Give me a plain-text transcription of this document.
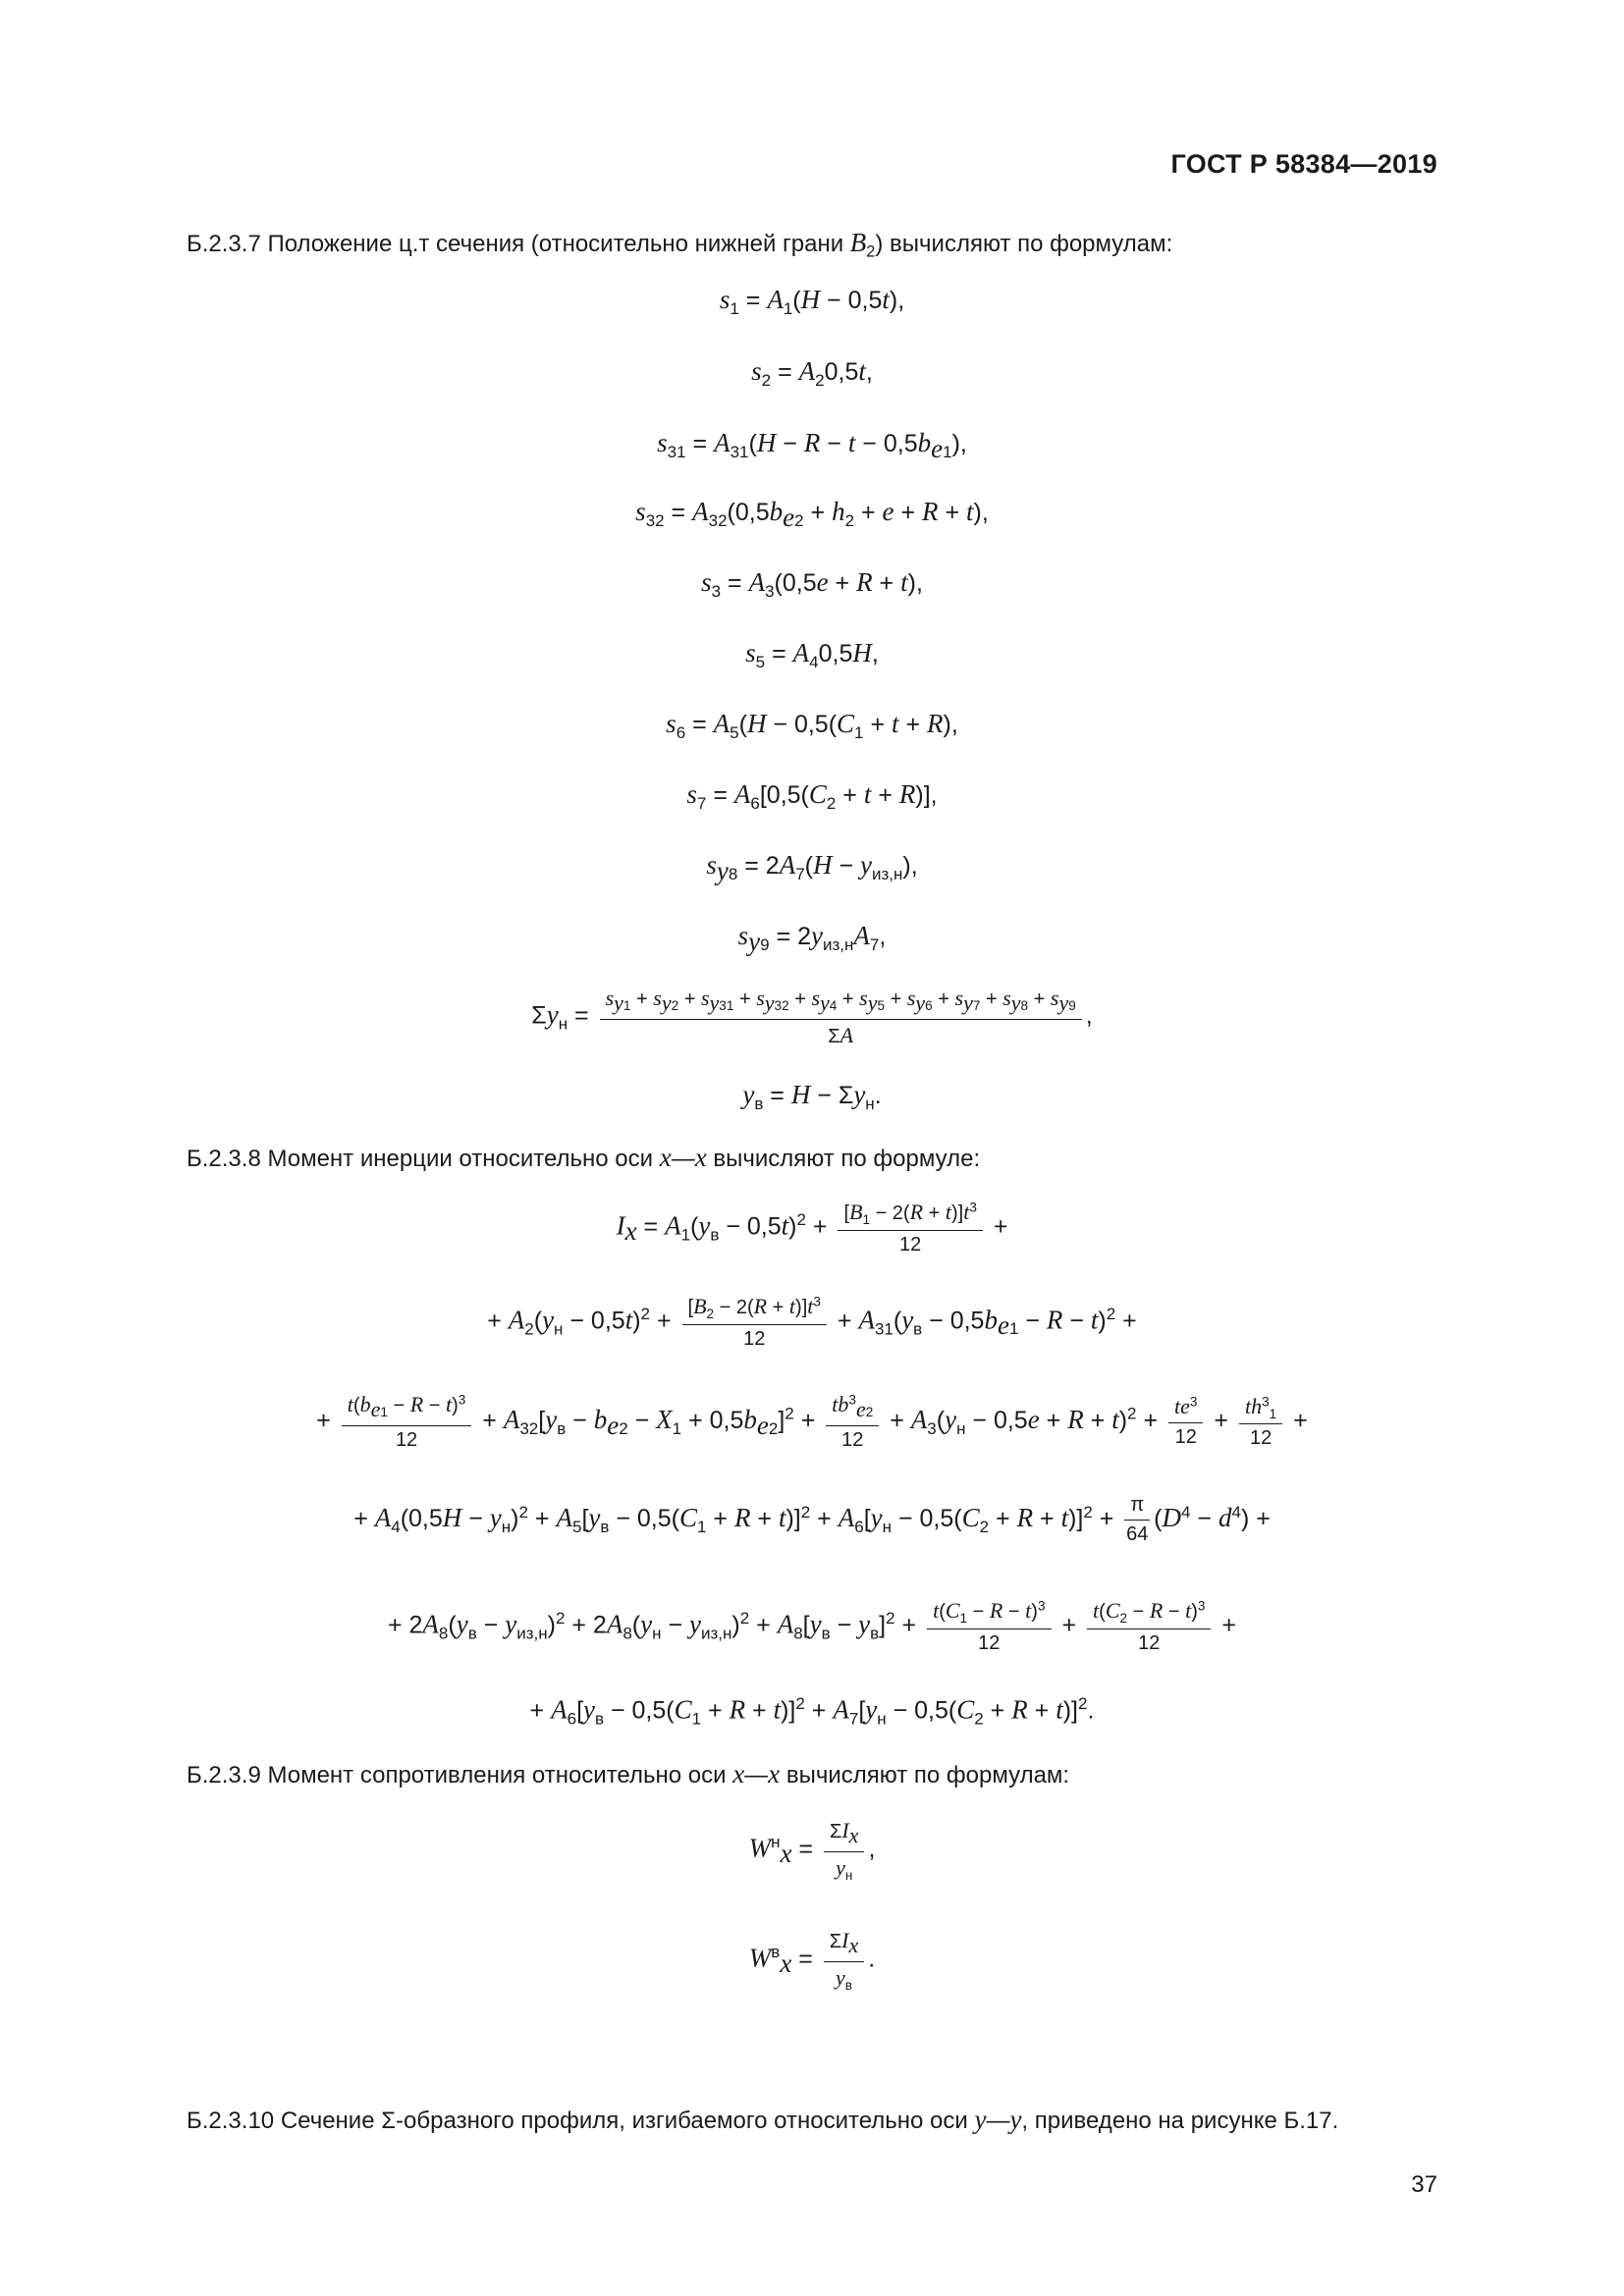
ГОСТ Р 58384—2019
Б.2.3.7 Положение ц.т сечения (относительно нижней грани $B_2$) вычисляют по формулам:
$s_1 = A_1(H - 0,5t)$,
$s_2 = A_20,5t$,
$s_{31} = A_{31}(H - R - t - 0,5b_{e1})$,
$s_{32} = A_{32}(0,5b_{e2} + h_2 + e + R + t)$,
$s_3 = A_3(0,5e + R + t)$,
$s_5 = A_40,5H$,
$s_6 = A_5(H - 0,5(C_1 + t + R)$,
$s_7 = A_6[0,5(C_2 + t + R)]$,
$s_{y8} = 2A_7(H - y_{из,н})$,
$s_{y9} = 2y_{из,н}A_7$,
$\Sigma y_н = \frac{s_{y1} + s_{y2} + s_{y31} + s_{y32} + s_{y4} + s_{y5} + s_{y6} + s_{y7} + s_{y8} + s_{y9}}{\Sigma A}$ ,
$y_в = H - \Sigma y_н$.
Б.2.3.8 Момент инерции относительно оси x—x вычисляют по формуле:
$I_x = A_1(y_в - 0,5t)^2 + \frac{[B_1 - 2(R + t)]t^3}{12}$ +
+ $A_2(y_н - 0,5t)^2 + \frac{[B_2 - 2(R + t)]t^3}{12} + A_{31}(y_в - 0,5b_{e1} - R - t)^2$ +
+ $\frac{t(b_{e1} - R - t)^3}{12} + A_{32}[y_в - b_{e2} - X_1 + 0,5b_{e2}]^2 + \frac{tb^3_{e2}}{12} + A_3(y_н - 0,5e + R + t)^2 + \frac{te^3}{12} + \frac{th^3_1}{12}$ +
+ $A_4(0,5H - y_н)^2 + A_5[y_в - 0,5(C_1 + R + t)]^2 + A_6[y_н - 0,5(C_2 + R + t)]^2 + \frac{\pi}{64} (D^4 - d^4)$ +
+ $2A_8(y_в - y_{из,н})^2 + 2A_8(y_н - y_{из,н})^2 + A_8[y_в - y_в]^2 + \frac{t(C_1 - R - t)^3}{12} + \frac{t(C_2 - R - t)^3}{12}$ +
+ $A_6[y_в - 0,5(C_1 + R + t)]^2 + A_7[y_н - 0,5(C_2 + R + t)]^2$.
Б.2.3.9 Момент сопротивления относительно оси x—x вычисляют по формулам:
$W^н_x = \frac{\Sigma I_x}{y_н}$ ,
$W^в_x = \frac{\Sigma I_x}{y_в}$ .
Б.2.3.10 Сечение Σ-образного профиля, изгибаемого относительно оси y—y, приведено на рисунке Б.17.
37
